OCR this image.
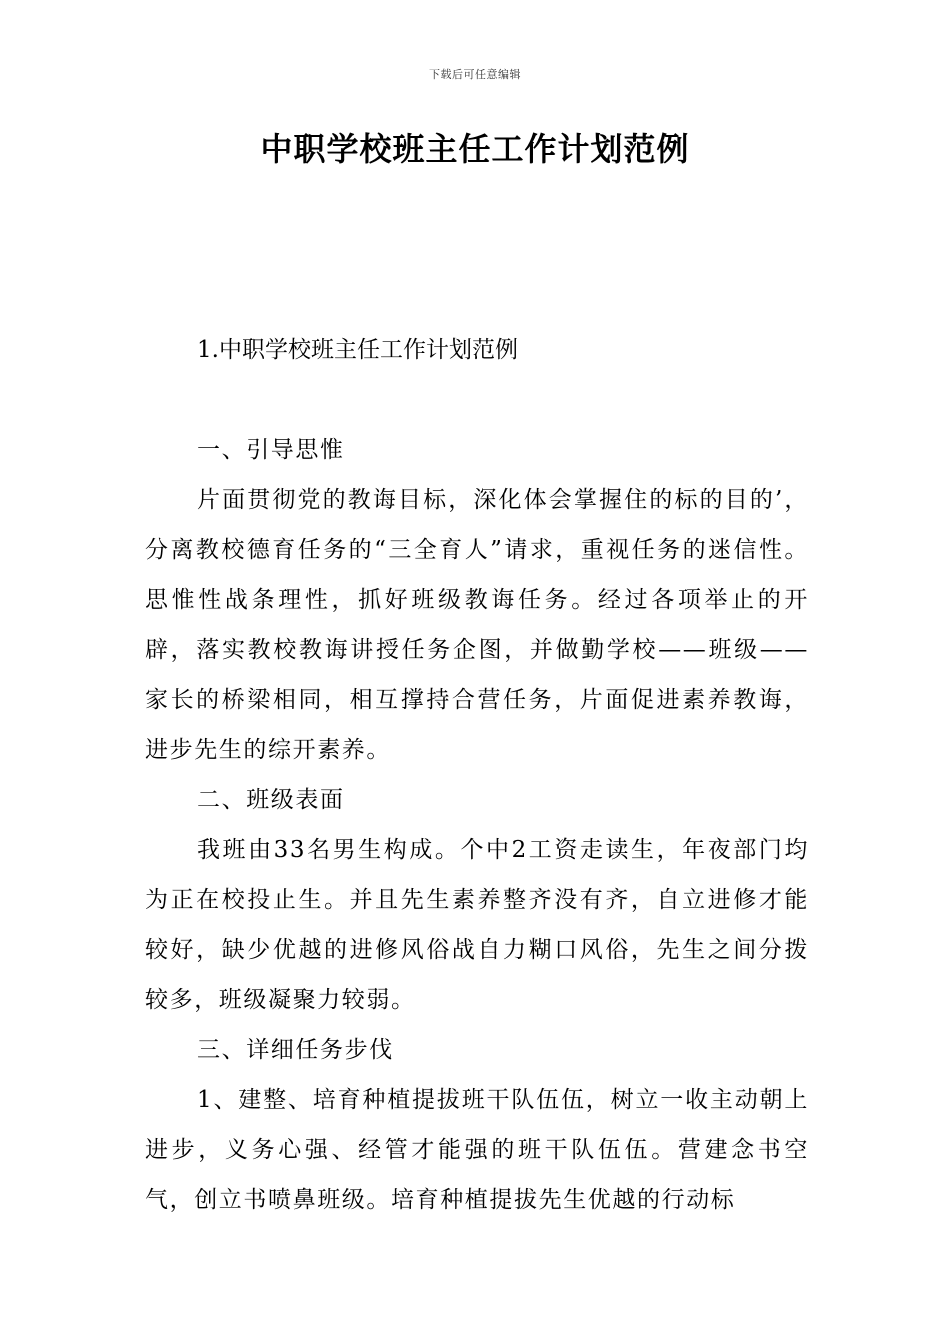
下载后可任意编辑
中职学校班主任工作计划范例
1.中职学校班主任工作计划范例

一、引导思惟

片面贯彻党的教诲目标，深化体会掌握住的标的目的’，分离教校德育任务的“三全育人”请求，重视任务的迷信性。思惟性战条理性，抓好班级教诲任务。经过各项举止的开辟，落实教校教诲讲授任务企图，并做勤学校——班级——家长的桥梁相同，相互撑持合营任务，片面促进素养教诲，进步先生的综开素养。

二、班级表面

我班由33名男生构成。个中2工资走读生，年夜部门均为正在校投止生。并且先生素养整齐没有齐，自立进修才能较好，缺少优越的进修风俗战自力糊口风俗，先生之间分拨较多，班级凝聚力较弱。

三、详细任务步伐

1、建整、培育种植提拔班干队伍伍，树立一收主动朝上进步，义务心强、经管才能强的班干队伍伍。营建念书空气，创立书喷鼻班级。培育种植提拔先生优越的行动标
